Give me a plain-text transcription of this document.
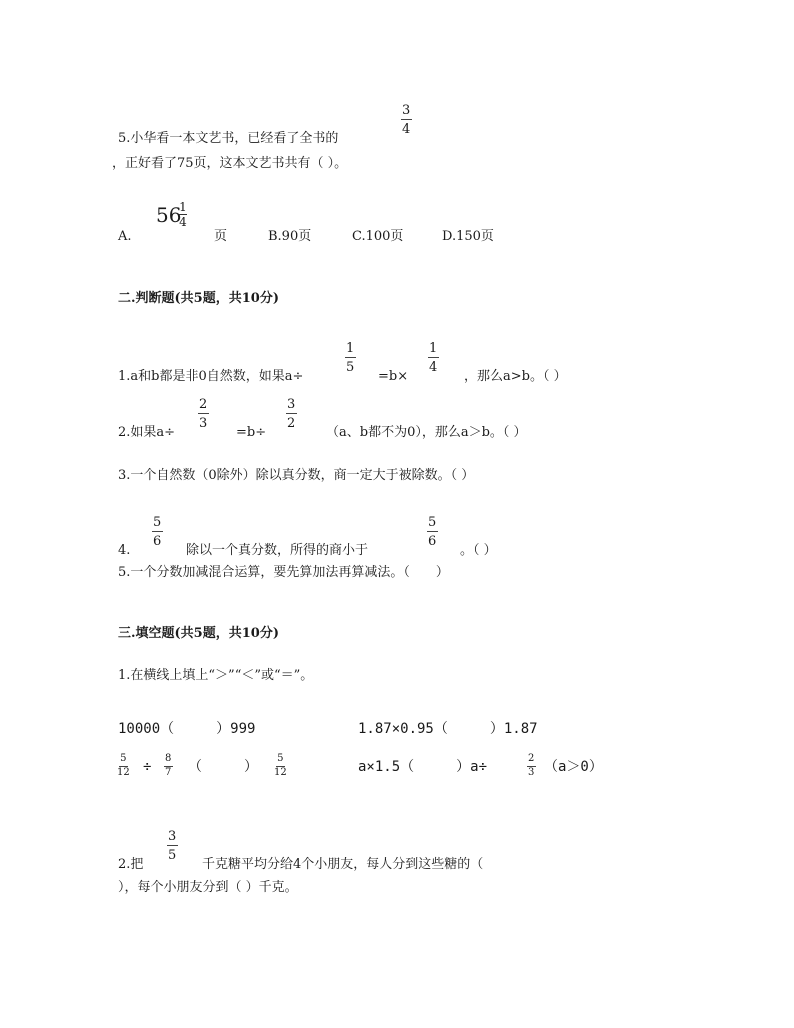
5.小华看一本文艺书，已经看了全书的
3
4
，正好看了75页，这本文艺书共有（ ）。
A.
56
1
4
页	B.90页	C.100页	D.150页
二.判断题(共5题，共10分)
1.a和b都是非0自然数，如果a÷
1
5
=b×
1
4
，那么a>b。（ ）
2.如果a÷
2
3
=b÷
3
2
（a、b都不为0），那么a＞b。（ ）
3.一个自然数（0除外）除以真分数，商一定大于被除数。（ ）
4.
5
6
除以一个真分数，所得的商小于
5
6
。（ ）
5.一个分数加减混合运算，要先算加法再算减法。（　　）
三.填空题(共5题，共10分)
1.在横线上填上“＞”“＜”或“＝”。
10000（　　　）999	1.87×0.95（　　　）1.87
5
12 ÷
8
7 （　　　）
5
12	a×1.5（　　　）a÷
2
3 （a＞0）
2.把
3
5
千克糖平均分给4个小朋友，每人分到这些糖的（
），每个小朋友分到（ ）千克。
